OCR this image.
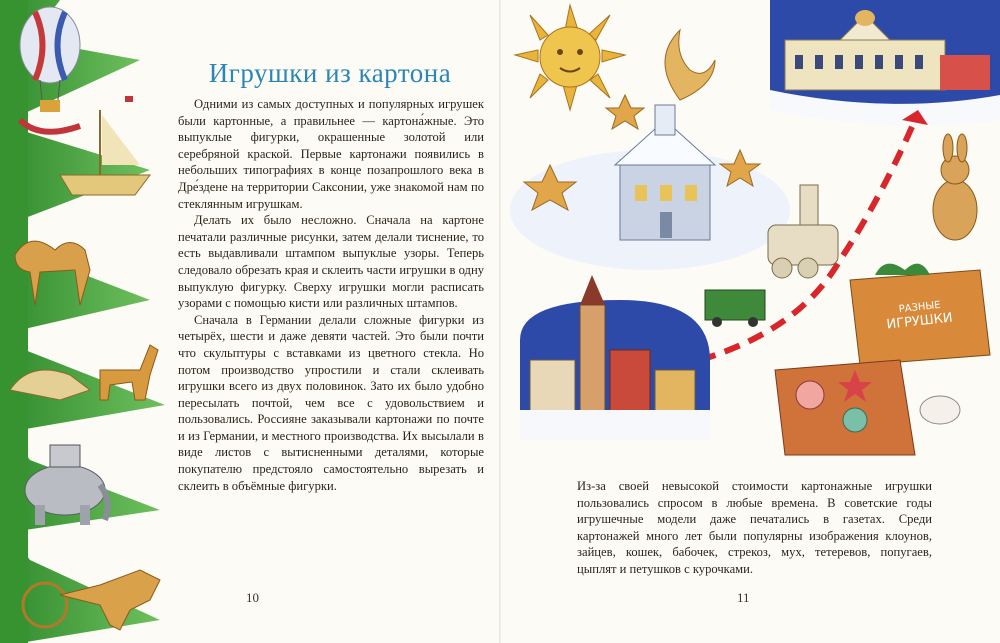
Игрушки из картона

Одними из самых доступных и популярных игрушек были картонные, а правильнее — картона́жные. Это выпуклые фигурки, окрашенные золотой или серебряной краской. Первые картонажи появились в небольших типографиях в конце позапрошлого века в Дре́здене на территории Саксонии, уже знакомой нам по стеклянным игрушкам.

Делать их было несложно. Сначала на картоне печатали различные рисунки, затем делали тиснение, то есть выдавливали штампом выпуклые узоры. Теперь следовало обрезать края и склеить части игрушки в одну выпуклую фигурку. Сверху игрушки могли расписать узорами с помощью кисти или различных штампов.

Сначала в Германии делали сложные фигурки из четырёх, шести и даже девяти частей. Это были почти что скульптуры с вставками из цветного стекла. Но потом производство упростили и стали склеивать игрушки всего из двух половинок. Зато их было удобно пересылать почтой, чем все с удовольствием и пользовались. Россияне заказывали картонажи по почте и из Германии, и местного производства. Их высылали в виде листов с вытисненными деталями, которые покупателю предстояло самостоятельно вырезать и склеить в объёмные фигурки.

10
РАЗНЫЕ
ИГРУШКИ

Из-за своей невысокой стоимости картонажные игрушки пользовались спросом в любые времена. В советские годы игрушечные модели даже печатались в газетах. Среди картонажей много лет были популярны изображения клоунов, зайцев, кошек, бабочек, стрекоз, мух, тетеревов, попугаев, цыплят и петушков с курочками.

11
